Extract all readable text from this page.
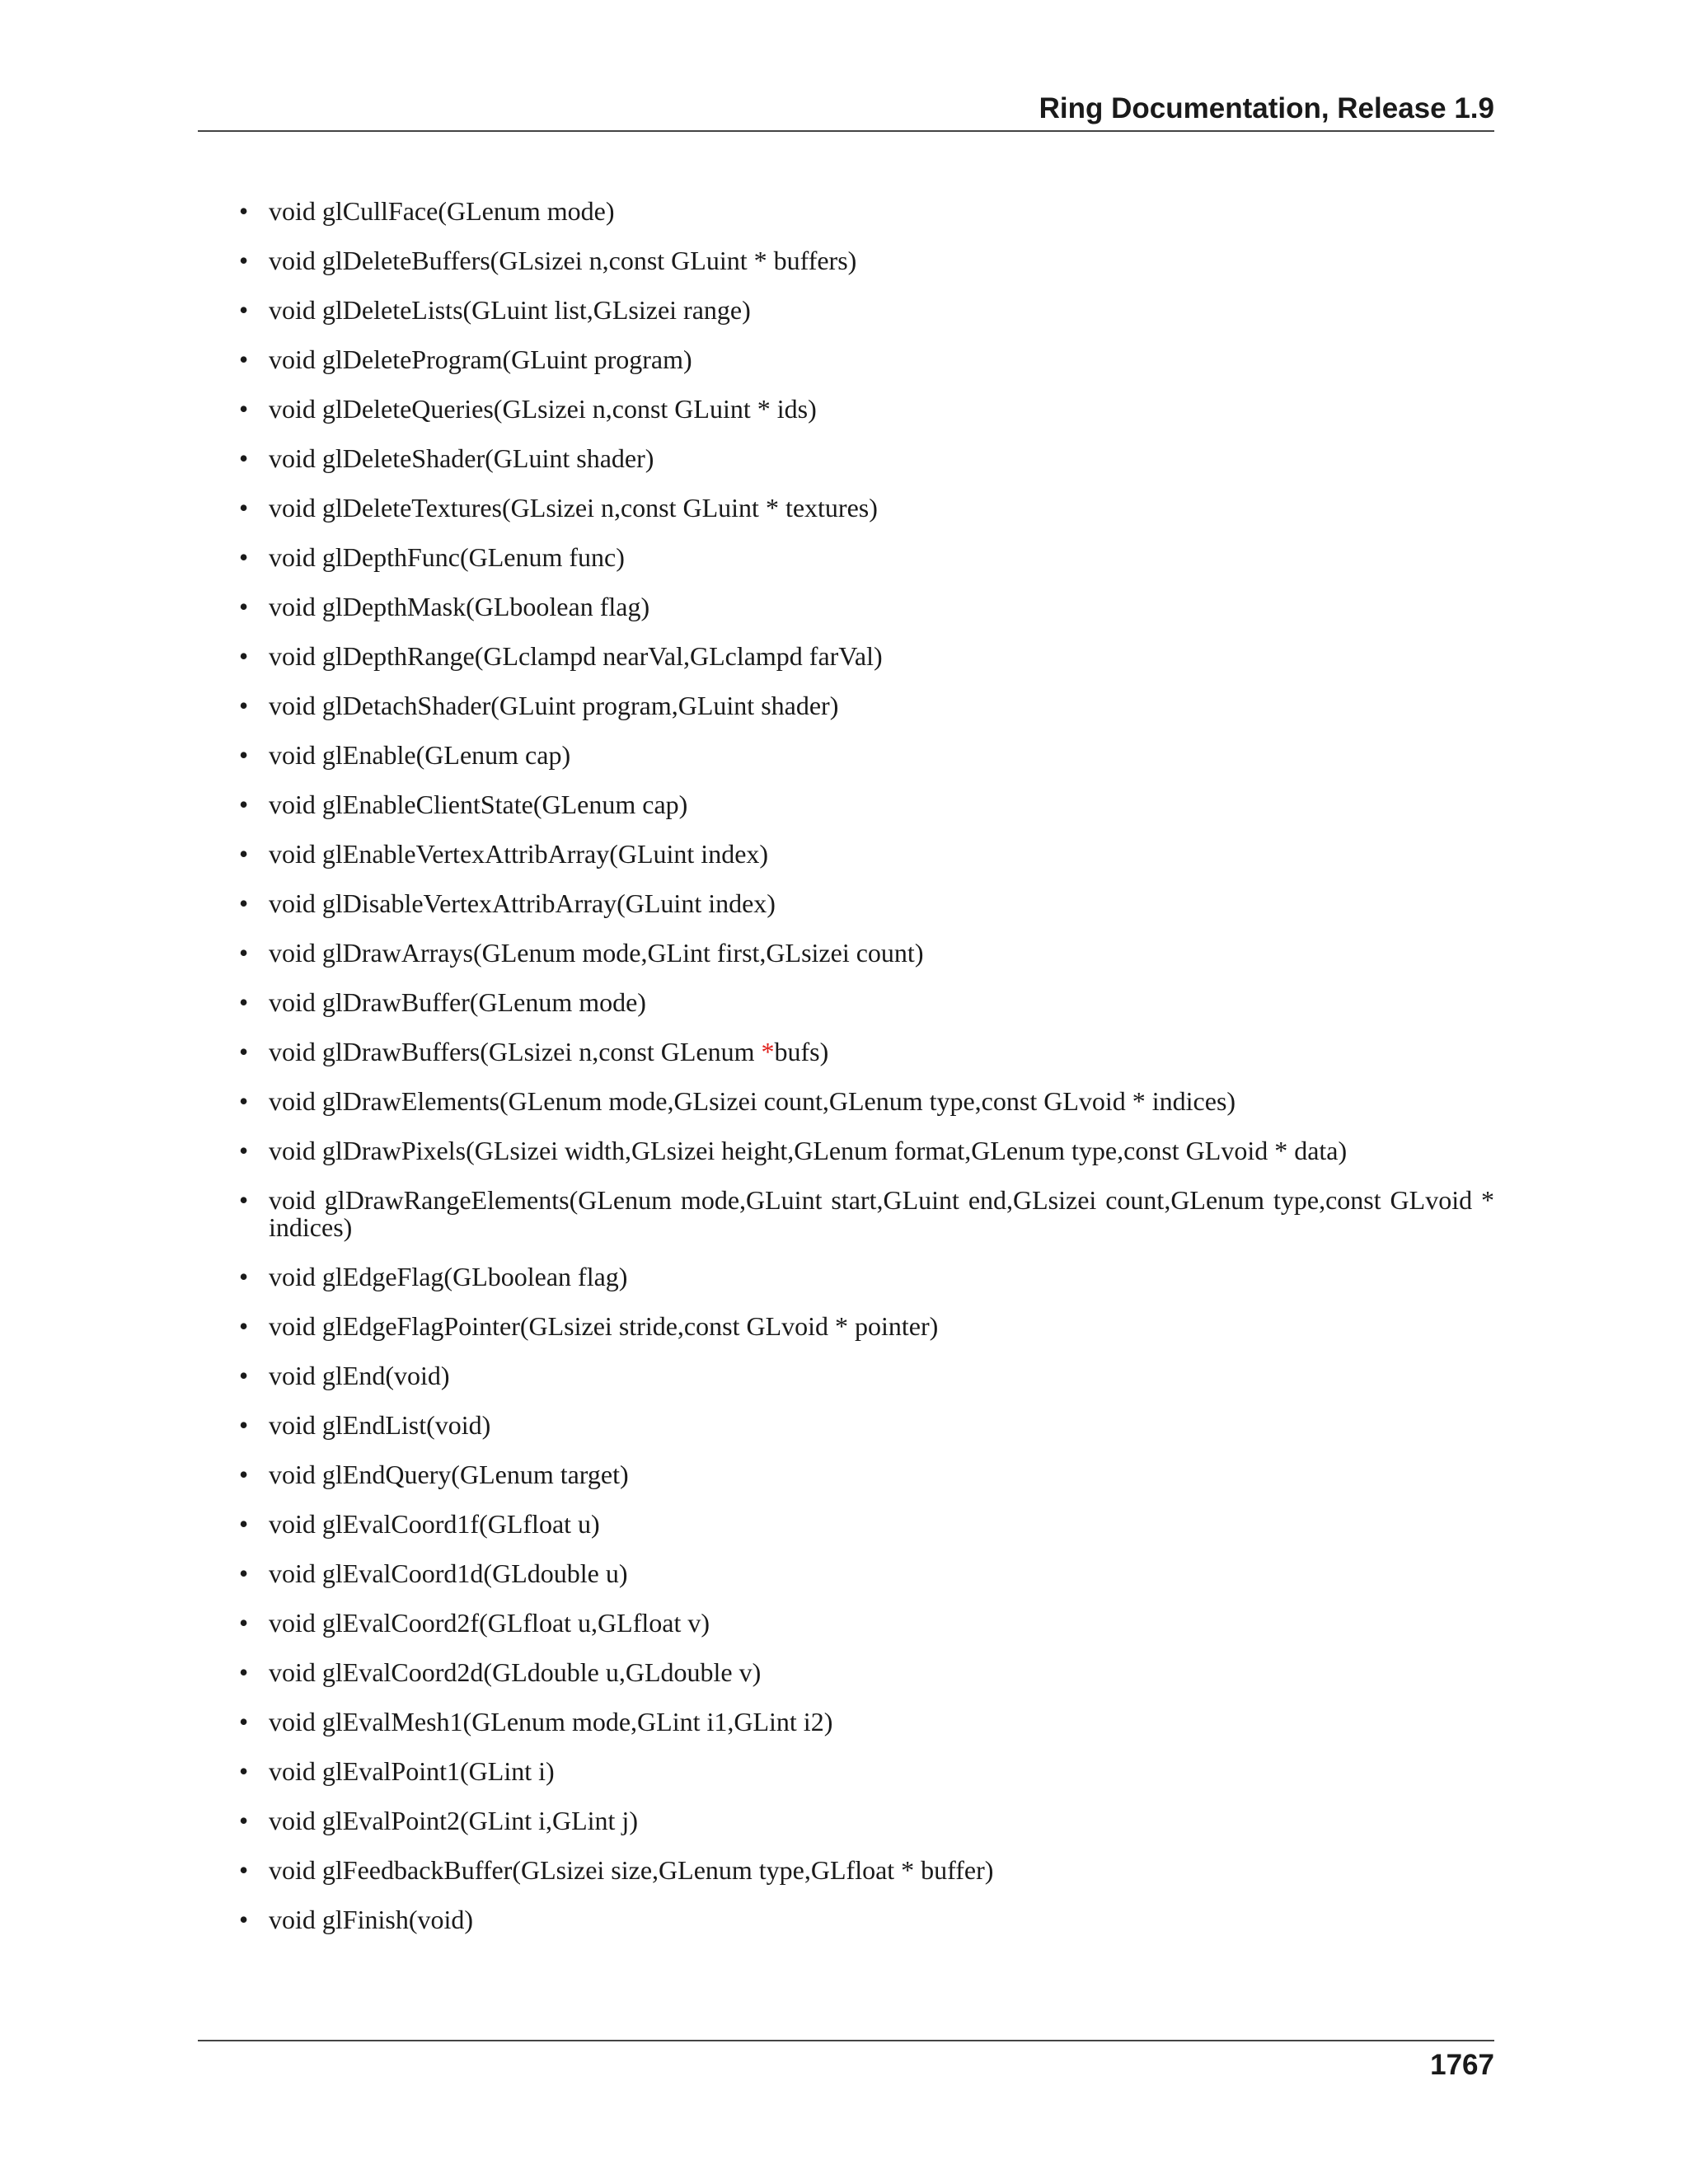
Ring Documentation, Release 1.9
• void glCullFace(GLenum mode)
• void glDeleteBuffers(GLsizei n,const GLuint * buffers)
• void glDeleteLists(GLuint list,GLsizei range)
• void glDeleteProgram(GLuint program)
• void glDeleteQueries(GLsizei n,const GLuint * ids)
• void glDeleteShader(GLuint shader)
• void glDeleteTextures(GLsizei n,const GLuint * textures)
• void glDepthFunc(GLenum func)
• void glDepthMask(GLboolean flag)
• void glDepthRange(GLclampd nearVal,GLclampd farVal)
• void glDetachShader(GLuint program,GLuint shader)
• void glEnable(GLenum cap)
• void glEnableClientState(GLenum cap)
• void glEnableVertexAttribArray(GLuint index)
• void glDisableVertexAttribArray(GLuint index)
• void glDrawArrays(GLenum mode,GLint first,GLsizei count)
• void glDrawBuffer(GLenum mode)
• void glDrawBuffers(GLsizei n,const GLenum *bufs)
• void glDrawElements(GLenum mode,GLsizei count,GLenum type,const GLvoid * indices)
• void glDrawPixels(GLsizei width,GLsizei height,GLenum format,GLenum type,const GLvoid * data)
• void glDrawRangeElements(GLenum mode,GLuint start,GLuint end,GLsizei count,GLenum type,const GLvoid * indices)
• void glEdgeFlag(GLboolean flag)
• void glEdgeFlagPointer(GLsizei stride,const GLvoid * pointer)
• void glEnd(void)
• void glEndList(void)
• void glEndQuery(GLenum target)
• void glEvalCoord1f(GLfloat u)
• void glEvalCoord1d(GLdouble u)
• void glEvalCoord2f(GLfloat u,GLfloat v)
• void glEvalCoord2d(GLdouble u,GLdouble v)
• void glEvalMesh1(GLenum mode,GLint i1,GLint i2)
• void glEvalPoint1(GLint i)
• void glEvalPoint2(GLint i,GLint j)
• void glFeedbackBuffer(GLsizei size,GLenum type,GLfloat * buffer)
• void glFinish(void)
1767
